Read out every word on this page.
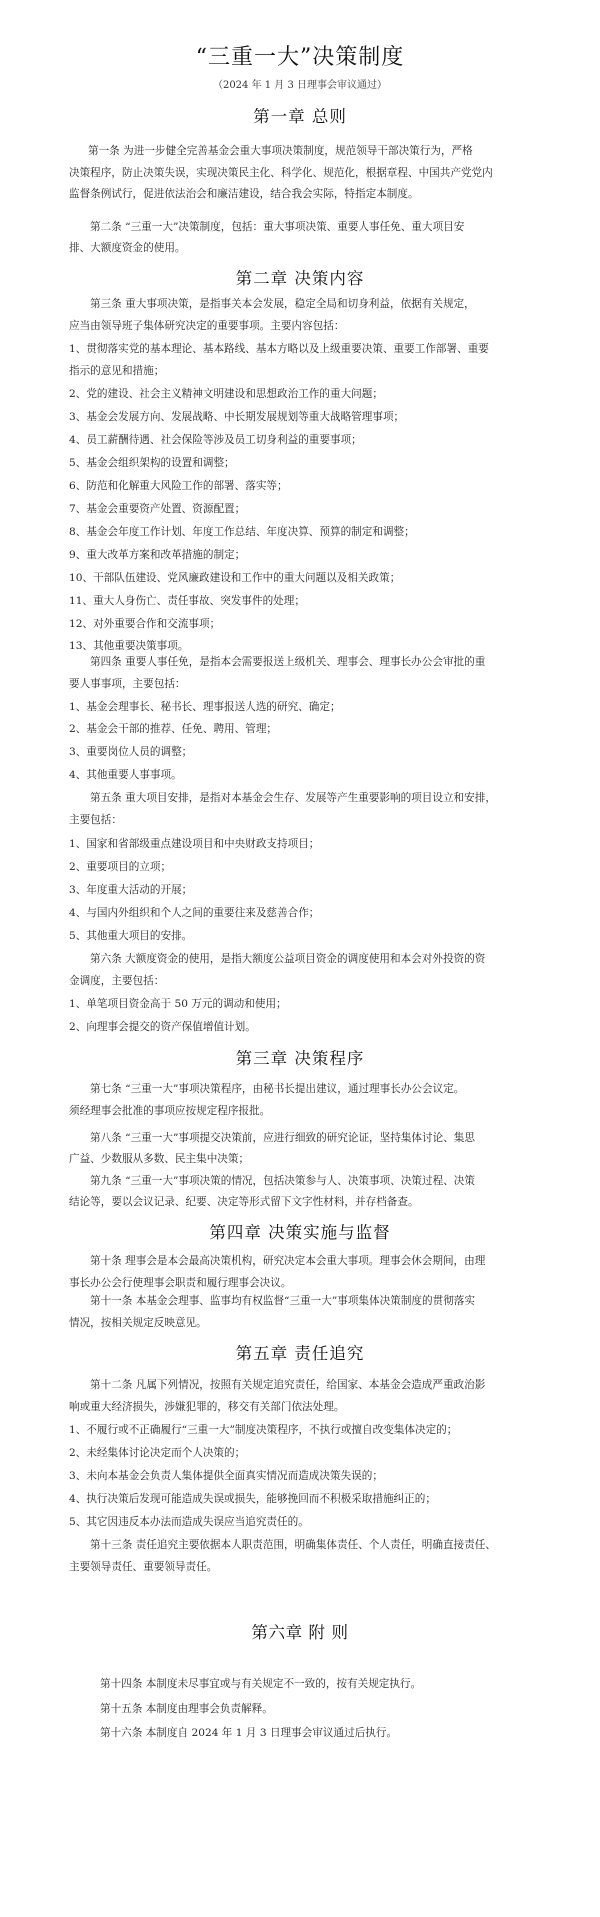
“三重一大”决策制度
（2024 年 1 月 3 日理事会审议通过）
第一章 总则
第一条 为进一步健全完善基金会重大事项决策制度，规范领导干部决策行为，严格
决策程序，防止决策失误，实现决策民主化、科学化、规范化，根据章程、中国共产党党内
监督条例试行，促进依法治会和廉洁建设，结合我会实际，特指定本制度。
第二条 “三重一大”决策制度，包括：重大事项决策、重要人事任免、重大项目安
排、大额度资金的使用。
第二章 决策内容
第三条 重大事项决策，是指事关本会发展，稳定全局和切身利益，依据有关规定，
应当由领导班子集体研究决定的重要事项。主要内容包括：
1、贯彻落实党的基本理论、基本路线、基本方略以及上级重要决策、重要工作部署、重要
指示的意见和措施；
2、党的建设、社会主义精神文明建设和思想政治工作的重大问题；
3、基金会发展方向、发展战略、中长期发展规划等重大战略管理事项；
4、员工薪酬待遇、社会保险等涉及员工切身利益的重要事项；
5、基金会组织架构的设置和调整；
6、防范和化解重大风险工作的部署、落实等；
7、基金会重要资产处置、资源配置；
8、基金会年度工作计划、年度工作总结、年度决算、预算的制定和调整；
9、重大改革方案和改革措施的制定；
10、干部队伍建设、党风廉政建设和工作中的重大问题以及相关政策；
11、重大人身伤亡、责任事故、突发事件的处理；
12、对外重要合作和交流事项；
13、其他重要决策事项。
第四条 重要人事任免，是指本会需要报送上级机关、理事会、理事长办公会审批的重
要人事事项，主要包括：
1、基金会理事长、秘书长、理事报送人选的研究、确定；
2、基金会干部的推荐、任免、聘用、管理；
3、重要岗位人员的调整；
4、其他重要人事事项。
第五条 重大项目安排，是指对本基金会生存、发展等产生重要影响的项目设立和安排，
主要包括：
1、国家和省部级重点建设项目和中央财政支持项目；
2、重要项目的立项；
3、年度重大活动的开展；
4、与国内外组织和个人之间的重要往来及慈善合作；
5、其他重大项目的安排。
第六条 大额度资金的使用，是指大额度公益项目资金的调度使用和本会对外投资的资
金调度，主要包括：
1、单笔项目资金高于 50 万元的调动和使用；
2、向理事会提交的资产保值增值计划。
第三章 决策程序
第七条 “三重一大”事项决策程序，由秘书长提出建议，通过理事长办公会议定。
须经理事会批准的事项应按规定程序报批。
第八条 “三重一大”事项提交决策前，应进行细致的研究论证，坚持集体讨论、集思
广益、少数服从多数、民主集中决策；
第九条 “三重一大”事项决策的情况，包括决策参与人、决策事项、决策过程、决策
结论等，要以会议记录、纪要、决定等形式留下文字性材料，并存档备查。
第四章 决策实施与监督
第十条 理事会是本会最高决策机构，研究决定本会重大事项。理事会休会期间，由理
事长办公会行使理事会职责和履行理事会决议。
第十一条 本基金会理事、监事均有权监督“三重一大”事项集体决策制度的贯彻落实
情况，按相关规定反映意见。
第五章 责任追究
第十二条 凡属下列情况，按照有关规定追究责任，给国家、本基金会造成严重政治影
响或重大经济损失，涉嫌犯罪的，移交有关部门依法处理。
1、不履行或不正确履行“三重一大”制度决策程序，不执行或擅自改变集体决定的；
2、未经集体讨论决定而个人决策的；
3、未向本基金会负责人集体提供全面真实情况而造成决策失误的；
4、执行决策后发现可能造成失误或损失，能够挽回而不积极采取措施纠正的；
5、其它因违反本办法而造成失误应当追究责任的。
第十三条 责任追究主要依据本人职责范围，明确集体责任、个人责任，明确直接责任、
主要领导责任、重要领导责任。
第六章 附 则
第十四条 本制度未尽事宜或与有关规定不一致的，按有关规定执行。
第十五条 本制度由理事会负责解释。
第十六条 本制度自 2024 年 1 月 3 日理事会审议通过后执行。
